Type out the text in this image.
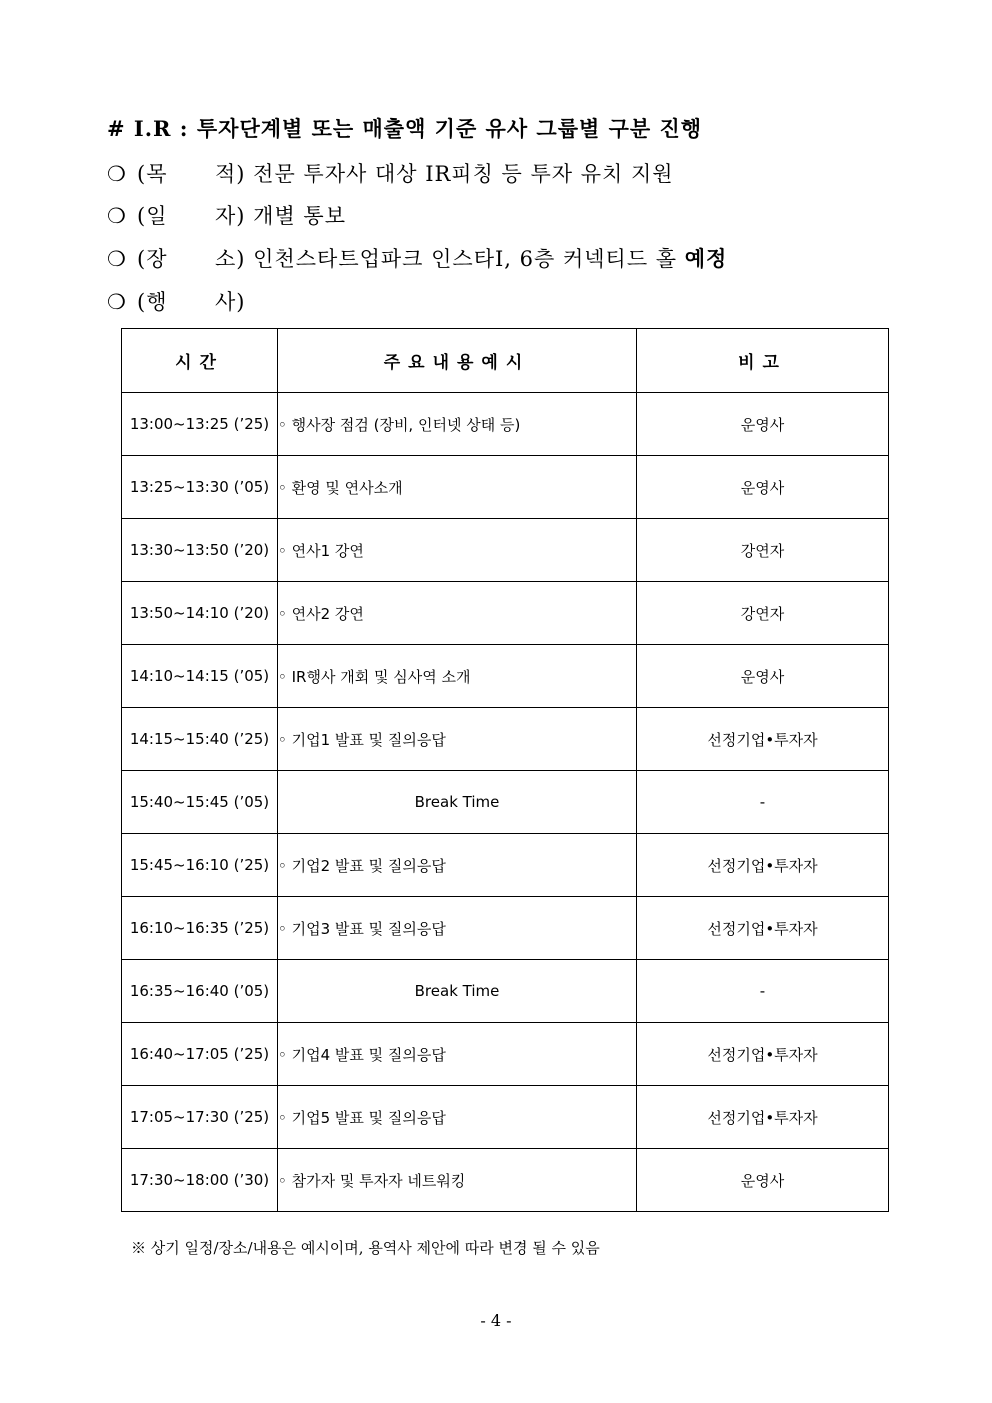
# I.R : 투자단계별 또는 매출액 기준 유사 그룹별 구분 진행
❍ (목 적) 전문 투자사 대상 IR피칭 등 투자 유치 지원
❍ (일 자) 개별 통보
❍ (장 소) 인천스타트업파크 인스타I, 6층 커넥티드 홀 예정
❍ (행 사)
시간	주요내용예시	비고
13:00~13:25 (’25)	◦ 행사장 점검 (장비, 인터넷 상태 등)	운영사
13:25~13:30 (’05)	◦ 환영 및 연사소개	운영사
13:30~13:50 (’20)	◦ 연사1 강연	강연자
13:50~14:10 (’20)	◦ 연사2 강연	강연자
14:10~14:15 (’05)	◦ IR행사 개회 및 심사역 소개	운영사
14:15~15:40 (’25)	◦ 기업1 발표 및 질의응답	선정기업•투자자
15:40~15:45 (’05)	Break Time	-
15:45~16:10 (’25)	◦ 기업2 발표 및 질의응답	선정기업•투자자
16:10~16:35 (’25)	◦ 기업3 발표 및 질의응답	선정기업•투자자
16:35~16:40 (’05)	Break Time	-
16:40~17:05 (’25)	◦ 기업4 발표 및 질의응답	선정기업•투자자
17:05~17:30 (’25)	◦ 기업5 발표 및 질의응답	선정기업•투자자
17:30~18:00 (’30)	◦ 참가자 및 투자자 네트워킹	운영사
※ 상기 일정/장소/내용은 예시이며, 용역사 제안에 따라 변경 될 수 있음
- 4 -
